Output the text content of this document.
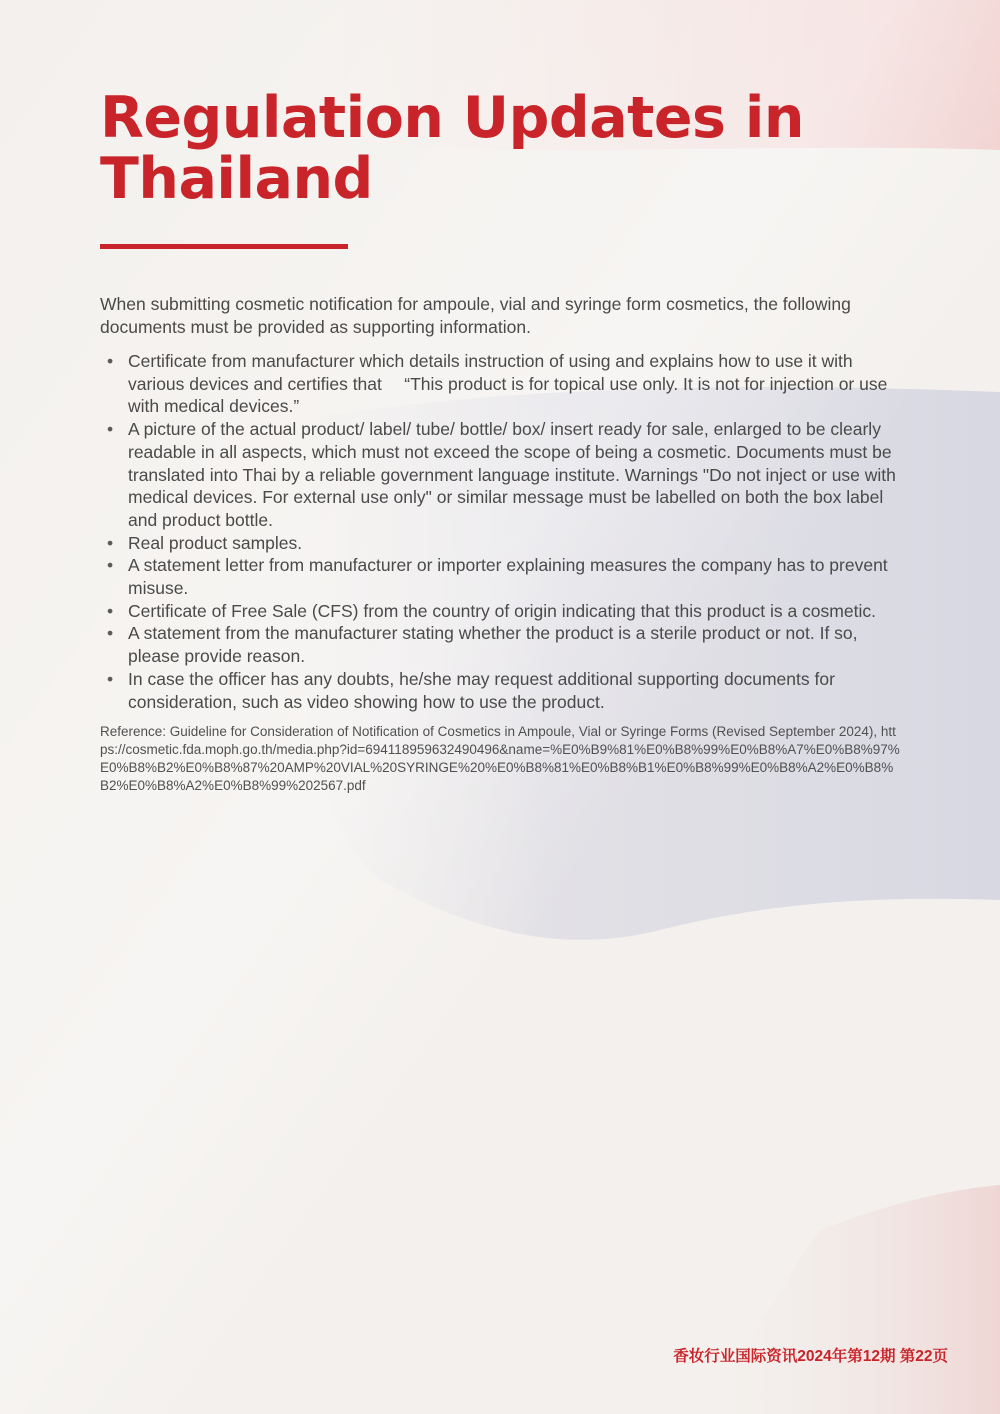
Regulation Updates in Thailand

When submitting cosmetic notification for ampoule, vial and syringe form cosmetics, the following documents must be provided as supporting information.

• Certificate from manufacturer which details instruction of using and explains how to use it with various devices and certifies that 　“This product is for topical use only. It is not for injection or use with medical devices.”
• A picture of the actual product/ label/ tube/ bottle/ box/ insert ready for sale, enlarged to be clearly readable in all aspects, which must not exceed the scope of being a cosmetic. Documents must be translated into Thai by a reliable government language institute. Warnings "Do not inject or use with medical devices. For external use only" or similar message must be labelled on both the box label and product bottle.
• Real product samples.
• A statement letter from manufacturer or importer explaining measures the company has to prevent misuse.
• Certificate of Free Sale (CFS) from the country of origin indicating that this product is a cosmetic.
• A statement from the manufacturer stating whether the product is a sterile product or not. If so, please provide reason.
• In case the officer has any doubts, he/she may request additional supporting documents for consideration, such as video showing how to use the product.

Reference: Guideline for Consideration of Notification of Cosmetics in Ampoule, Vial or Syringe Forms (Revised September 2024), https://cosmetic.fda.moph.go.th/media.php?id=694118959632490496&name=%E0%B9%81%E0%B8%99%E0%B8%A7%E0%B8%97%E0%B8%B2%E0%B8%87%20AMP%20VIAL%20SYRINGE%20%E0%B8%81%E0%B8%B1%E0%B8%99%E0%B8%A2%E0%B8%B2%E0%B8%A2%E0%B8%99%202567.pdf

香妆行业国际资讯2024年第12期 第22页
